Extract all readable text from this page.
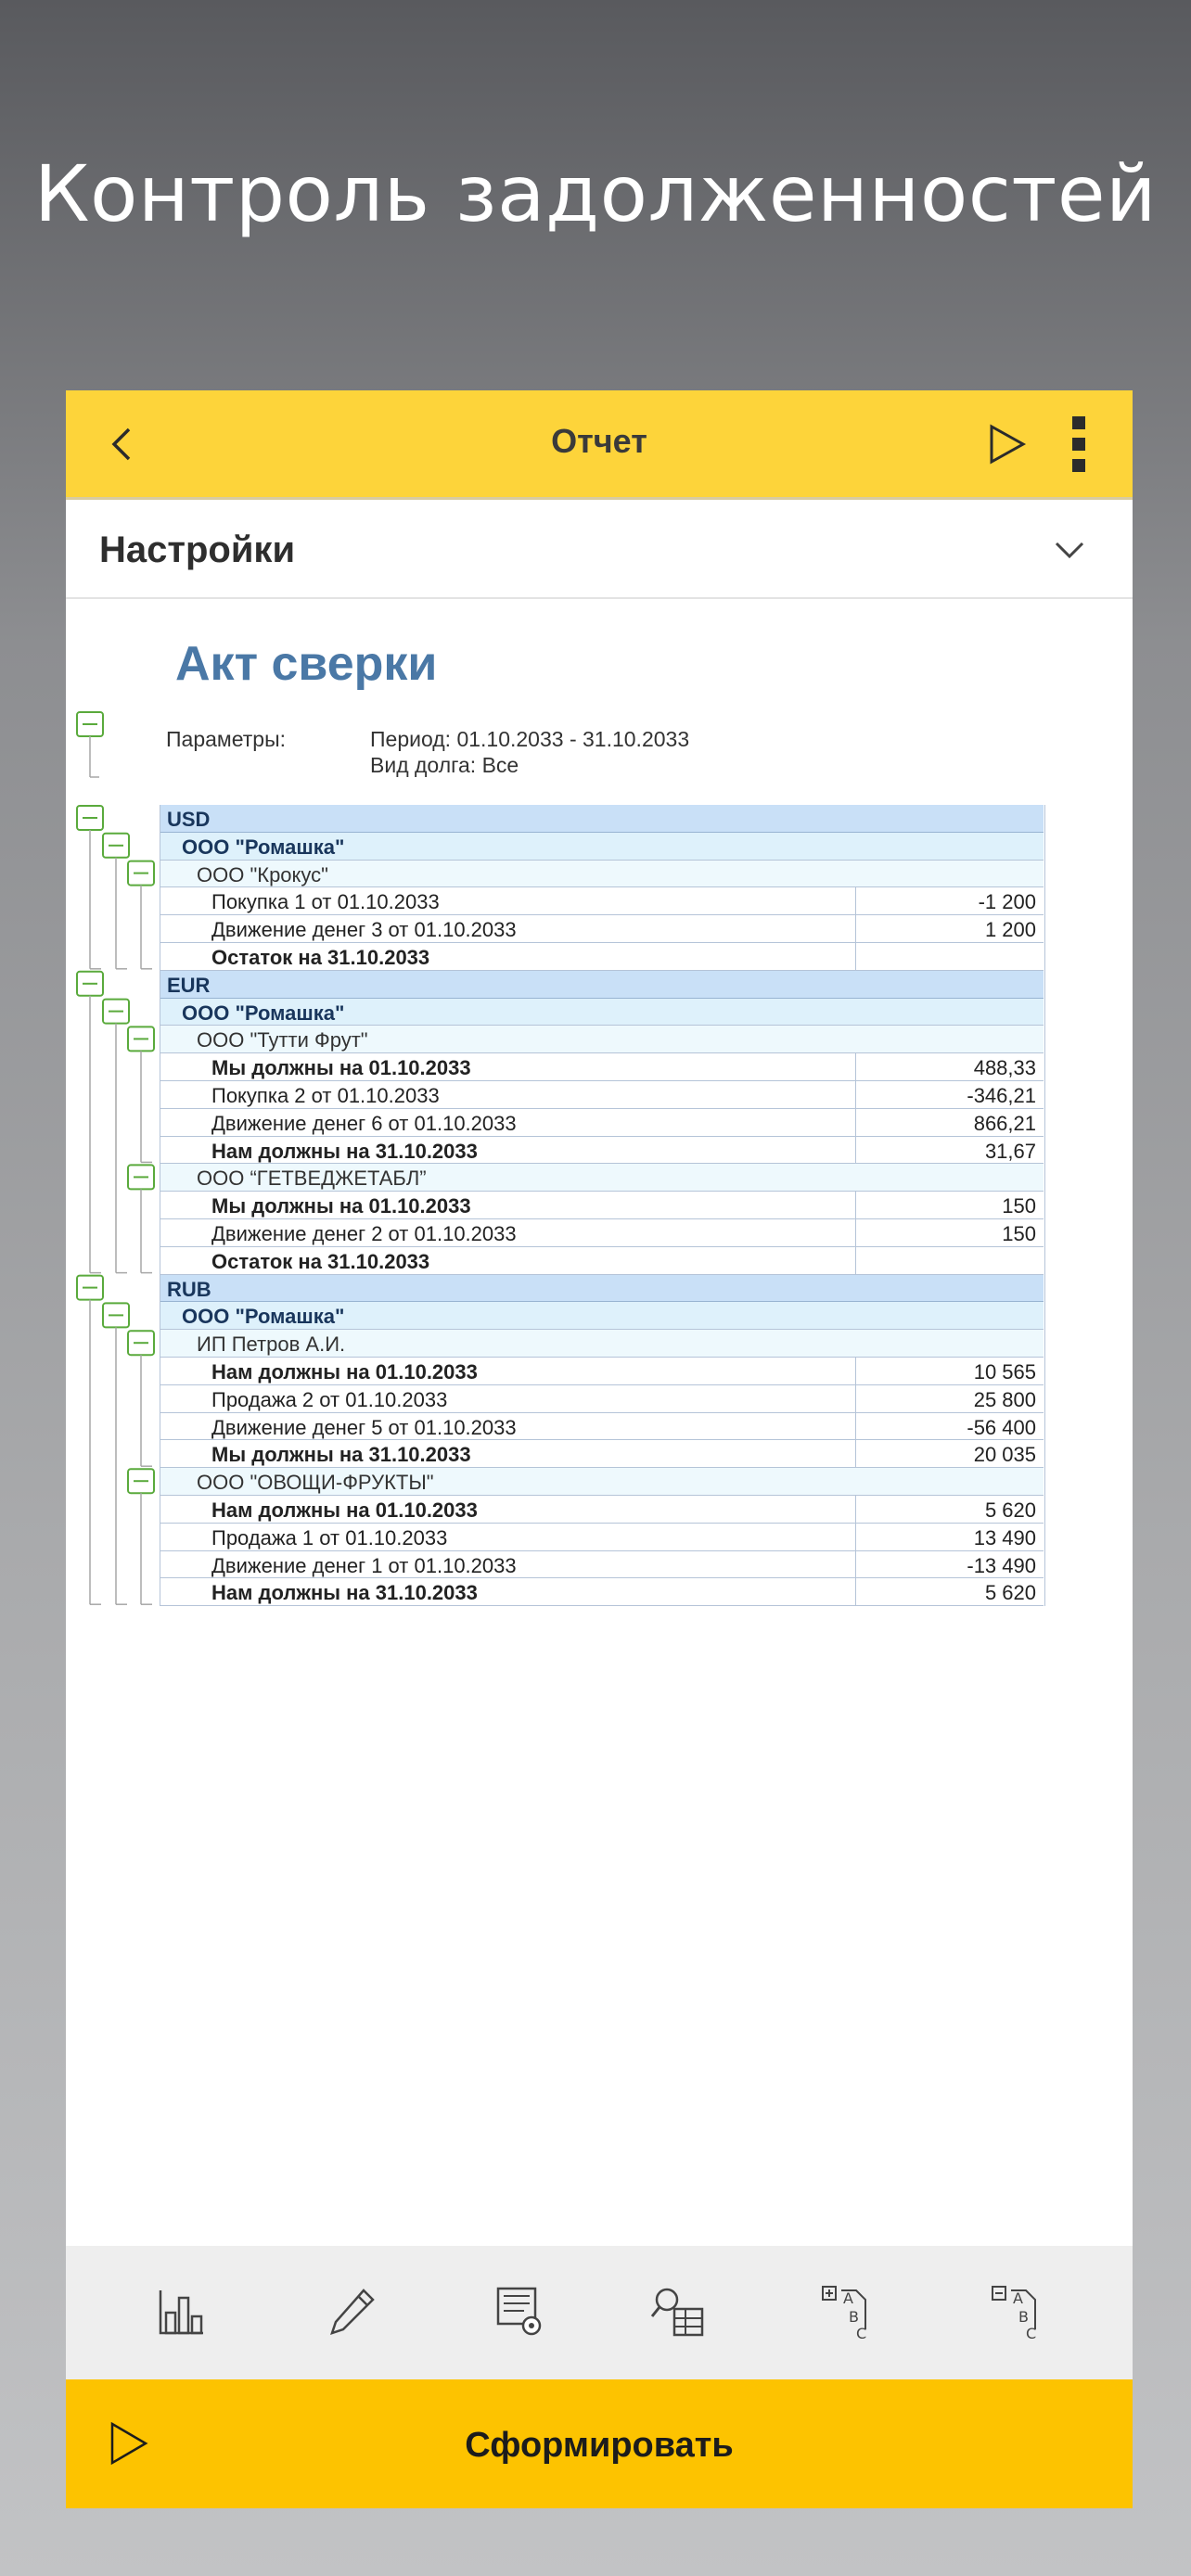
Контроль задолженностей
Отчет
Настройки
Акт сверки
Параметры:	Период: 01.10.2033 - 31.10.2033
Вид долга: Все
USD
ООО "Ромашка"
ООО "Крокус"
Покупка 1 от 01.10.2033	-1 200
Движение денег 3 от 01.10.2033	1 200
Остаток на 31.10.2033
EUR
ООО "Ромашка"
ООО "Тутти Фрут"
Мы должны на 01.10.2033	488,33
Покупка 2 от 01.10.2033	-346,21
Движение денег 6 от 01.10.2033	866,21
Нам должны на 31.10.2033	31,67
ООО “ГЕТВЕДЖЕТАБЛ”
Мы должны на 01.10.2033	150
Движение денег 2 от 01.10.2033	150
Остаток на 31.10.2033
RUB
ООО "Ромашка"
ИП Петров А.И.
Нам должны на 01.10.2033	10 565
Продажа 2 от 01.10.2033	25 800
Движение денег 5 от 01.10.2033	-56 400
Мы должны на 31.10.2033	20 035
ООО "ОВОЩИ-ФРУКТЫ"
Нам должны на 01.10.2033	5 620
Продажа 1 от 01.10.2033	13 490
Движение денег 1 от 01.10.2033	-13 490
Нам должны на 31.10.2033	5 620
A
B
C
A
B
C
Сформировать
